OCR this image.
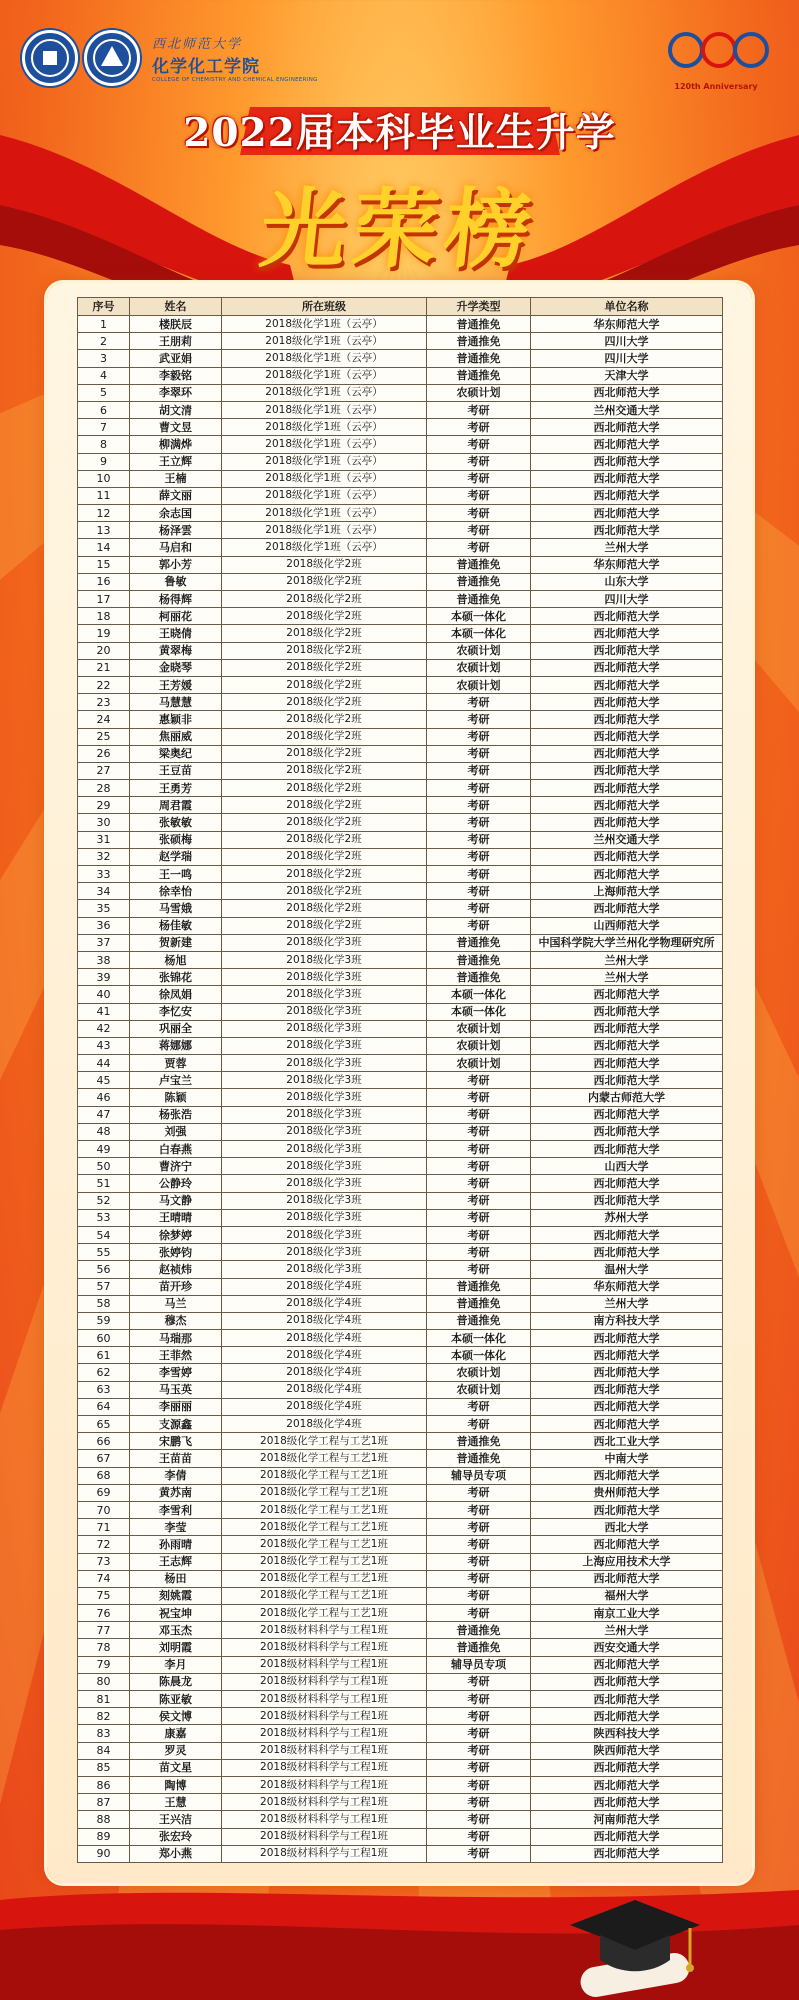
西北师范大学
化学化工学院
COLLEGE OF CHEMISTRY AND CHEMICAL ENGINEERING
120th Anniversary
2022届本科毕业生升学
光荣榜
序号	姓名	所在班级	升学类型	单位名称
1	楼朕辰	2018级化学1班（云亭）	普通推免	华东师范大学
2	王朋莉	2018级化学1班（云亭）	普通推免	四川大学
3	武亚娟	2018级化学1班（云亭）	普通推免	四川大学
4	李毅铭	2018级化学1班（云亭）	普通推免	天津大学
5	李翠环	2018级化学1班（云亭）	农硕计划	西北师范大学
6	胡文清	2018级化学1班（云亭）	考研	兰州交通大学
7	曹文昱	2018级化学1班（云亭）	考研	西北师范大学
8	柳满烨	2018级化学1班（云亭）	考研	西北师范大学
9	王立辉	2018级化学1班（云亭）	考研	西北师范大学
10	王楠	2018级化学1班（云亭）	考研	西北师范大学
11	薛文丽	2018级化学1班（云亭）	考研	西北师范大学
12	余志国	2018级化学1班（云亭）	考研	西北师范大学
13	杨泽雲	2018级化学1班（云亭）	考研	西北师范大学
14	马启和	2018级化学1班（云亭）	考研	兰州大学
15	郭小芳	2018级化学2班	普通推免	华东师范大学
16	鲁敏	2018级化学2班	普通推免	山东大学
17	杨得辉	2018级化学2班	普通推免	四川大学
18	柯丽花	2018级化学2班	本硕一体化	西北师范大学
19	王晓倩	2018级化学2班	本硕一体化	西北师范大学
20	黄翠梅	2018级化学2班	农硕计划	西北师范大学
21	金晓琴	2018级化学2班	农硕计划	西北师范大学
22	王芳媛	2018级化学2班	农硕计划	西北师范大学
23	马慧慧	2018级化学2班	考研	西北师范大学
24	惠颖非	2018级化学2班	考研	西北师范大学
25	焦丽威	2018级化学2班	考研	西北师范大学
26	梁奥纪	2018级化学2班	考研	西北师范大学
27	王豆苗	2018级化学2班	考研	西北师范大学
28	王勇芳	2018级化学2班	考研	西北师范大学
29	周君霞	2018级化学2班	考研	西北师范大学
30	张敏敏	2018级化学2班	考研	西北师范大学
31	张硕梅	2018级化学2班	考研	兰州交通大学
32	赵学瑞	2018级化学2班	考研	西北师范大学
33	王一鸣	2018级化学2班	考研	西北师范大学
34	徐幸怡	2018级化学2班	考研	上海师范大学
35	马雪娥	2018级化学2班	考研	西北师范大学
36	杨佳敏	2018级化学2班	考研	山西师范大学
37	贺新建	2018级化学3班	普通推免	中国科学院大学兰州化学物理研究所
38	杨旭	2018级化学3班	普通推免	兰州大学
39	张锦花	2018级化学3班	普通推免	兰州大学
40	徐凤娟	2018级化学3班	本硕一体化	西北师范大学
41	李忆安	2018级化学3班	本硕一体化	西北师范大学
42	巩丽全	2018级化学3班	农硕计划	西北师范大学
43	蒋娜娜	2018级化学3班	农硕计划	西北师范大学
44	贾蓉	2018级化学3班	农硕计划	西北师范大学
45	卢宝兰	2018级化学3班	考研	西北师范大学
46	陈颖	2018级化学3班	考研	内蒙古师范大学
47	杨张浩	2018级化学3班	考研	西北师范大学
48	刘强	2018级化学3班	考研	西北师范大学
49	白春燕	2018级化学3班	考研	西北师范大学
50	曹济宁	2018级化学3班	考研	山西大学
51	公静玲	2018级化学3班	考研	西北师范大学
52	马文静	2018级化学3班	考研	西北师范大学
53	王晴晴	2018级化学3班	考研	苏州大学
54	徐梦婷	2018级化学3班	考研	西北师范大学
55	张婷钧	2018级化学3班	考研	西北师范大学
56	赵祯炜	2018级化学3班	考研	温州大学
57	苗开珍	2018级化学4班	普通推免	华东师范大学
58	马兰	2018级化学4班	普通推免	兰州大学
59	穆杰	2018级化学4班	普通推免	南方科技大学
60	马瑞那	2018级化学4班	本硕一体化	西北师范大学
61	王菲然	2018级化学4班	本硕一体化	西北师范大学
62	李雪婷	2018级化学4班	农硕计划	西北师范大学
63	马玉英	2018级化学4班	农硕计划	西北师范大学
64	李丽丽	2018级化学4班	考研	西北师范大学
65	支源鑫	2018级化学4班	考研	西北师范大学
66	宋鹏飞	2018级化学工程与工艺1班	普通推免	西北工业大学
67	王苗苗	2018级化学工程与工艺1班	普通推免	中南大学
68	李倩	2018级化学工程与工艺1班	辅导员专项	西北师范大学
69	黄苏南	2018级化学工程与工艺1班	考研	贵州师范大学
70	李雪利	2018级化学工程与工艺1班	考研	西北师范大学
71	李莹	2018级化学工程与工艺1班	考研	西北大学
72	孙雨晴	2018级化学工程与工艺1班	考研	西北师范大学
73	王志辉	2018级化学工程与工艺1班	考研	上海应用技术大学
74	杨田	2018级化学工程与工艺1班	考研	西北师范大学
75	刻姚霞	2018级化学工程与工艺1班	考研	福州大学
76	祝宝坤	2018级化学工程与工艺1班	考研	南京工业大学
77	邓玉杰	2018级材料科学与工程1班	普通推免	兰州大学
78	刘明霞	2018级材料科学与工程1班	普通推免	西安交通大学
79	李月	2018级材料科学与工程1班	辅导员专项	西北师范大学
80	陈晨龙	2018级材料科学与工程1班	考研	西北师范大学
81	陈亚敏	2018级材料科学与工程1班	考研	西北师范大学
82	侯文博	2018级材料科学与工程1班	考研	西北师范大学
83	康嘉	2018级材料科学与工程1班	考研	陕西科技大学
84	罗灵	2018级材料科学与工程1班	考研	陕西师范大学
85	苗文星	2018级材料科学与工程1班	考研	西北师范大学
86	陶博	2018级材料科学与工程1班	考研	西北师范大学
87	王慧	2018级材料科学与工程1班	考研	西北师范大学
88	王兴洁	2018级材料科学与工程1班	考研	河南师范大学
89	张宏玲	2018级材料科学与工程1班	考研	西北师范大学
90	郑小燕	2018级材料科学与工程1班	考研	西北师范大学
